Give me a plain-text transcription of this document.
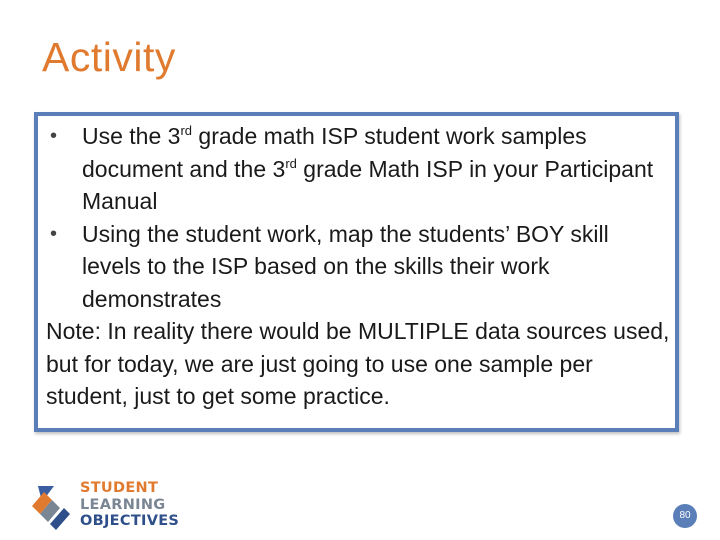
Activity
• Use the 3rd grade math ISP student work samples document and the 3rd grade Math ISP in your Participant Manual
• Using the student work, map the students’ BOY skill levels to the ISP based on the skills their work demonstrates
Note: In reality there would be MULTIPLE data sources used, but for today, we are just going to use one sample per student, just to get some practice.
STUDENT
LEARNING
OBJECTIVES	80
